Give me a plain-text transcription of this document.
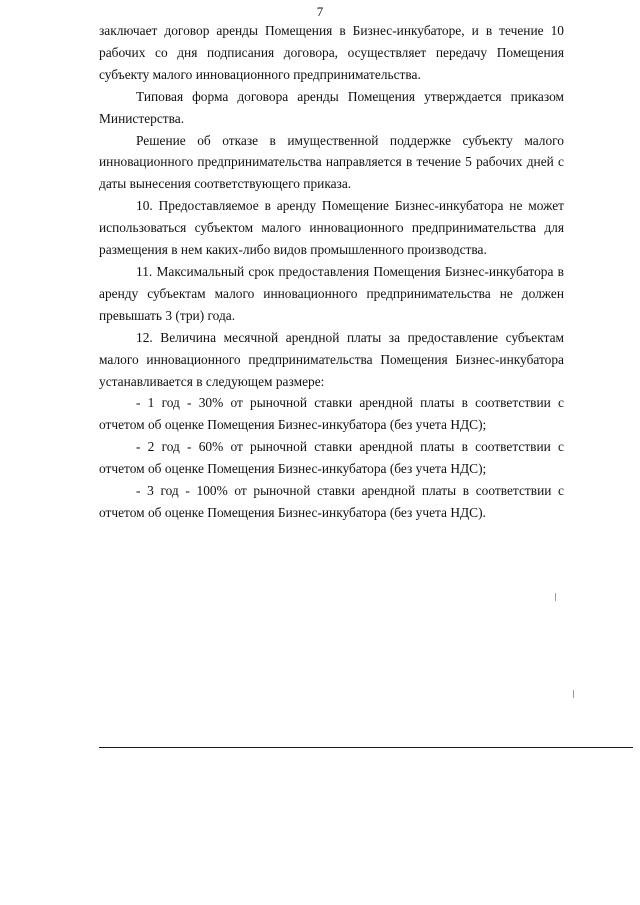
7

заключает договор аренды Помещения в Бизнес-инкубаторе, и в течение 10 рабочих со дня подписания договора, осуществляет передачу Помещения субъекту малого инновационного предпринимательства.

Типовая форма договора аренды Помещения утверждается приказом Министерства.

Решение об отказе в имущественной поддержке субъекту малого инновационного предпринимательства направляется в течение 5 рабочих дней с даты вынесения соответствующего приказа.

10. Предоставляемое в аренду Помещение Бизнес-инкубатора не может использоваться субъектом малого инновационного предпринимательства для размещения в нем каких-либо видов промышленного производства.

11. Максимальный срок предоставления Помещения Бизнес-инкубатора в аренду субъектам малого инновационного предпринимательства не должен превышать 3 (три) года.

12. Величина месячной арендной платы за предоставление субъектам малого инновационного предпринимательства Помещения Бизнес-инкубатора устанавливается в следующем размере:

- 1 год - 30% от рыночной ставки арендной платы в соответствии с отчетом об оценке Помещения Бизнес-инкубатора (без учета НДС);

- 2 год - 60% от рыночной ставки арендной платы в соответствии с отчетом об оценке Помещения Бизнес-инкубатора (без учета НДС);

- 3 год - 100% от рыночной ставки арендной платы в соответствии с отчетом об оценке Помещения Бизнес-инкубатора (без учета НДС).
